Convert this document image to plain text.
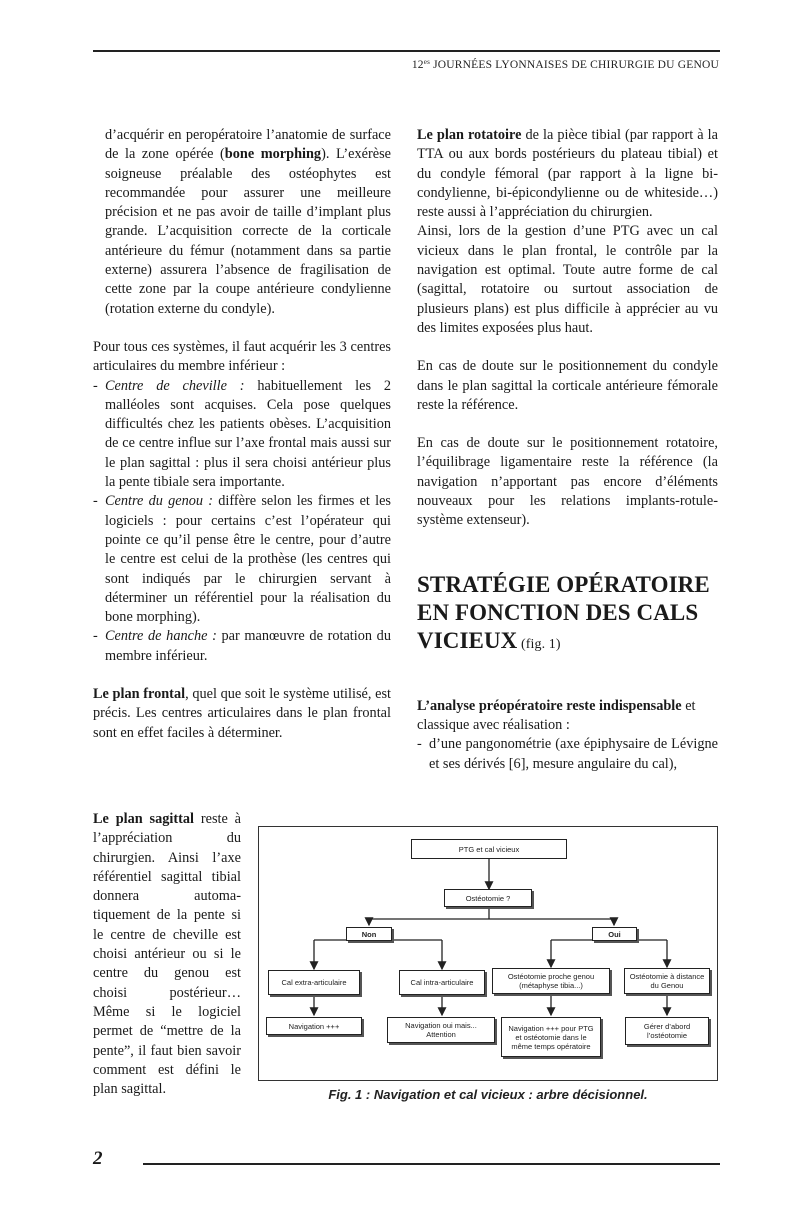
$12^{es}$ JOURNÉES LYONNAISES DE CHIRURGIE DU GENOU

d’acquérir en peropératoire l’anatomie de surface de la zone opérée (bone morphing). L’exérèse soigneuse préalable des ostéophytes est recommandée pour assurer une meilleure précision et ne pas avoir de taille d’implant plus grande. L’acquisition correcte de la corticale antérieure du fémur (notamment dans sa partie externe) assurera l’absence de fragilisation de cette zone par la coupe antérieure condylienne (rotation externe du condyle).

Pour tous ces systèmes, il faut acquérir les 3 centres articulaires du membre inférieur :

- Centre de cheville : habituellement les 2 malléoles sont acquises. Cela pose quelques difficultés chez les patients obèses. L’acquisition de ce centre influe sur l’axe frontal mais aussi sur le plan sagittal : plus il sera choisi antérieur plus la pente tibiale sera importante.
- Centre du genou : diffère selon les firmes et les logiciels : pour certains c’est l’opérateur qui pointe ce qu’il pense être le centre, pour d’autre le centre est celui de la prothèse (les centres qui sont indiqués par le chirurgien servant à déterminer un référentiel pour la réalisation du bone morphing).
- Centre de hanche : par manœuvre de rotation du membre inférieur.

Le plan frontal, quel que soit le système utilisé, est précis. Les centres articulaires dans le plan frontal sont en effet faciles à déterminer.

Le plan sagittal reste à l’appréciation du chirurgien. Ainsi l’axe référentiel sagittal tibial donnera automatiquement de la pente si le centre de cheville est choisi antérieur ou si le centre du genou est choisi postérieur… Même si le logiciel permet de “mettre de la pente”, il faut bien savoir comment est défini le plan sagittal.

Le plan rotatoire de la pièce tibial (par rapport à la TTA ou aux bords postérieurs du plateau tibial) et du condyle fémoral (par rapport à la ligne bi-condylienne, bi-épicondylienne ou de whiteside…) reste aussi à l’appréciation du chirurgien.

Ainsi, lors de la gestion d’une PTG avec un cal vicieux dans le plan frontal, le contrôle par la navigation est optimal. Toute autre forme de cal (sagittal, rotatoire ou surtout association de plusieurs plans) est plus difficile à apprécier au vu des limites exposées plus haut.

En cas de doute sur le positionnement du condyle dans le plan sagittal la corticale antérieure fémorale reste la référence.

En cas de doute sur le positionnement rotatoire, l’équilibrage ligamentaire reste la référence (la navigation n’apportant pas encore d’éléments nouveaux pour les relations implants-rotule- système extenseur).

STRATÉGIE OPÉRATOIRE EN FONCTION DES CALS VICIEUX (fig. 1)

L’analyse préopératoire reste indispensable et classique avec réalisation :

- d’une pangonométrie (axe épiphysaire de Lévigne et ses dérivés [6], mesure angulaire du cal),
PTG et cal vicieux
Ostéotomie ?
Non	Oui
Cal extra-articulaire	Cal intra-articulaire
Ostéotomie proche genou (métaphyse tibia...)
Ostéotomie à distance du Genou
Navigation +++	Navigation oui mais... Attention
Navigation +++ pour PTG et ostéotomie dans le même temps opératoire
Gérer d’abord l’ostéotomie
Fig. 1 : Navigation et cal vicieux : arbre décisionnel.
2
